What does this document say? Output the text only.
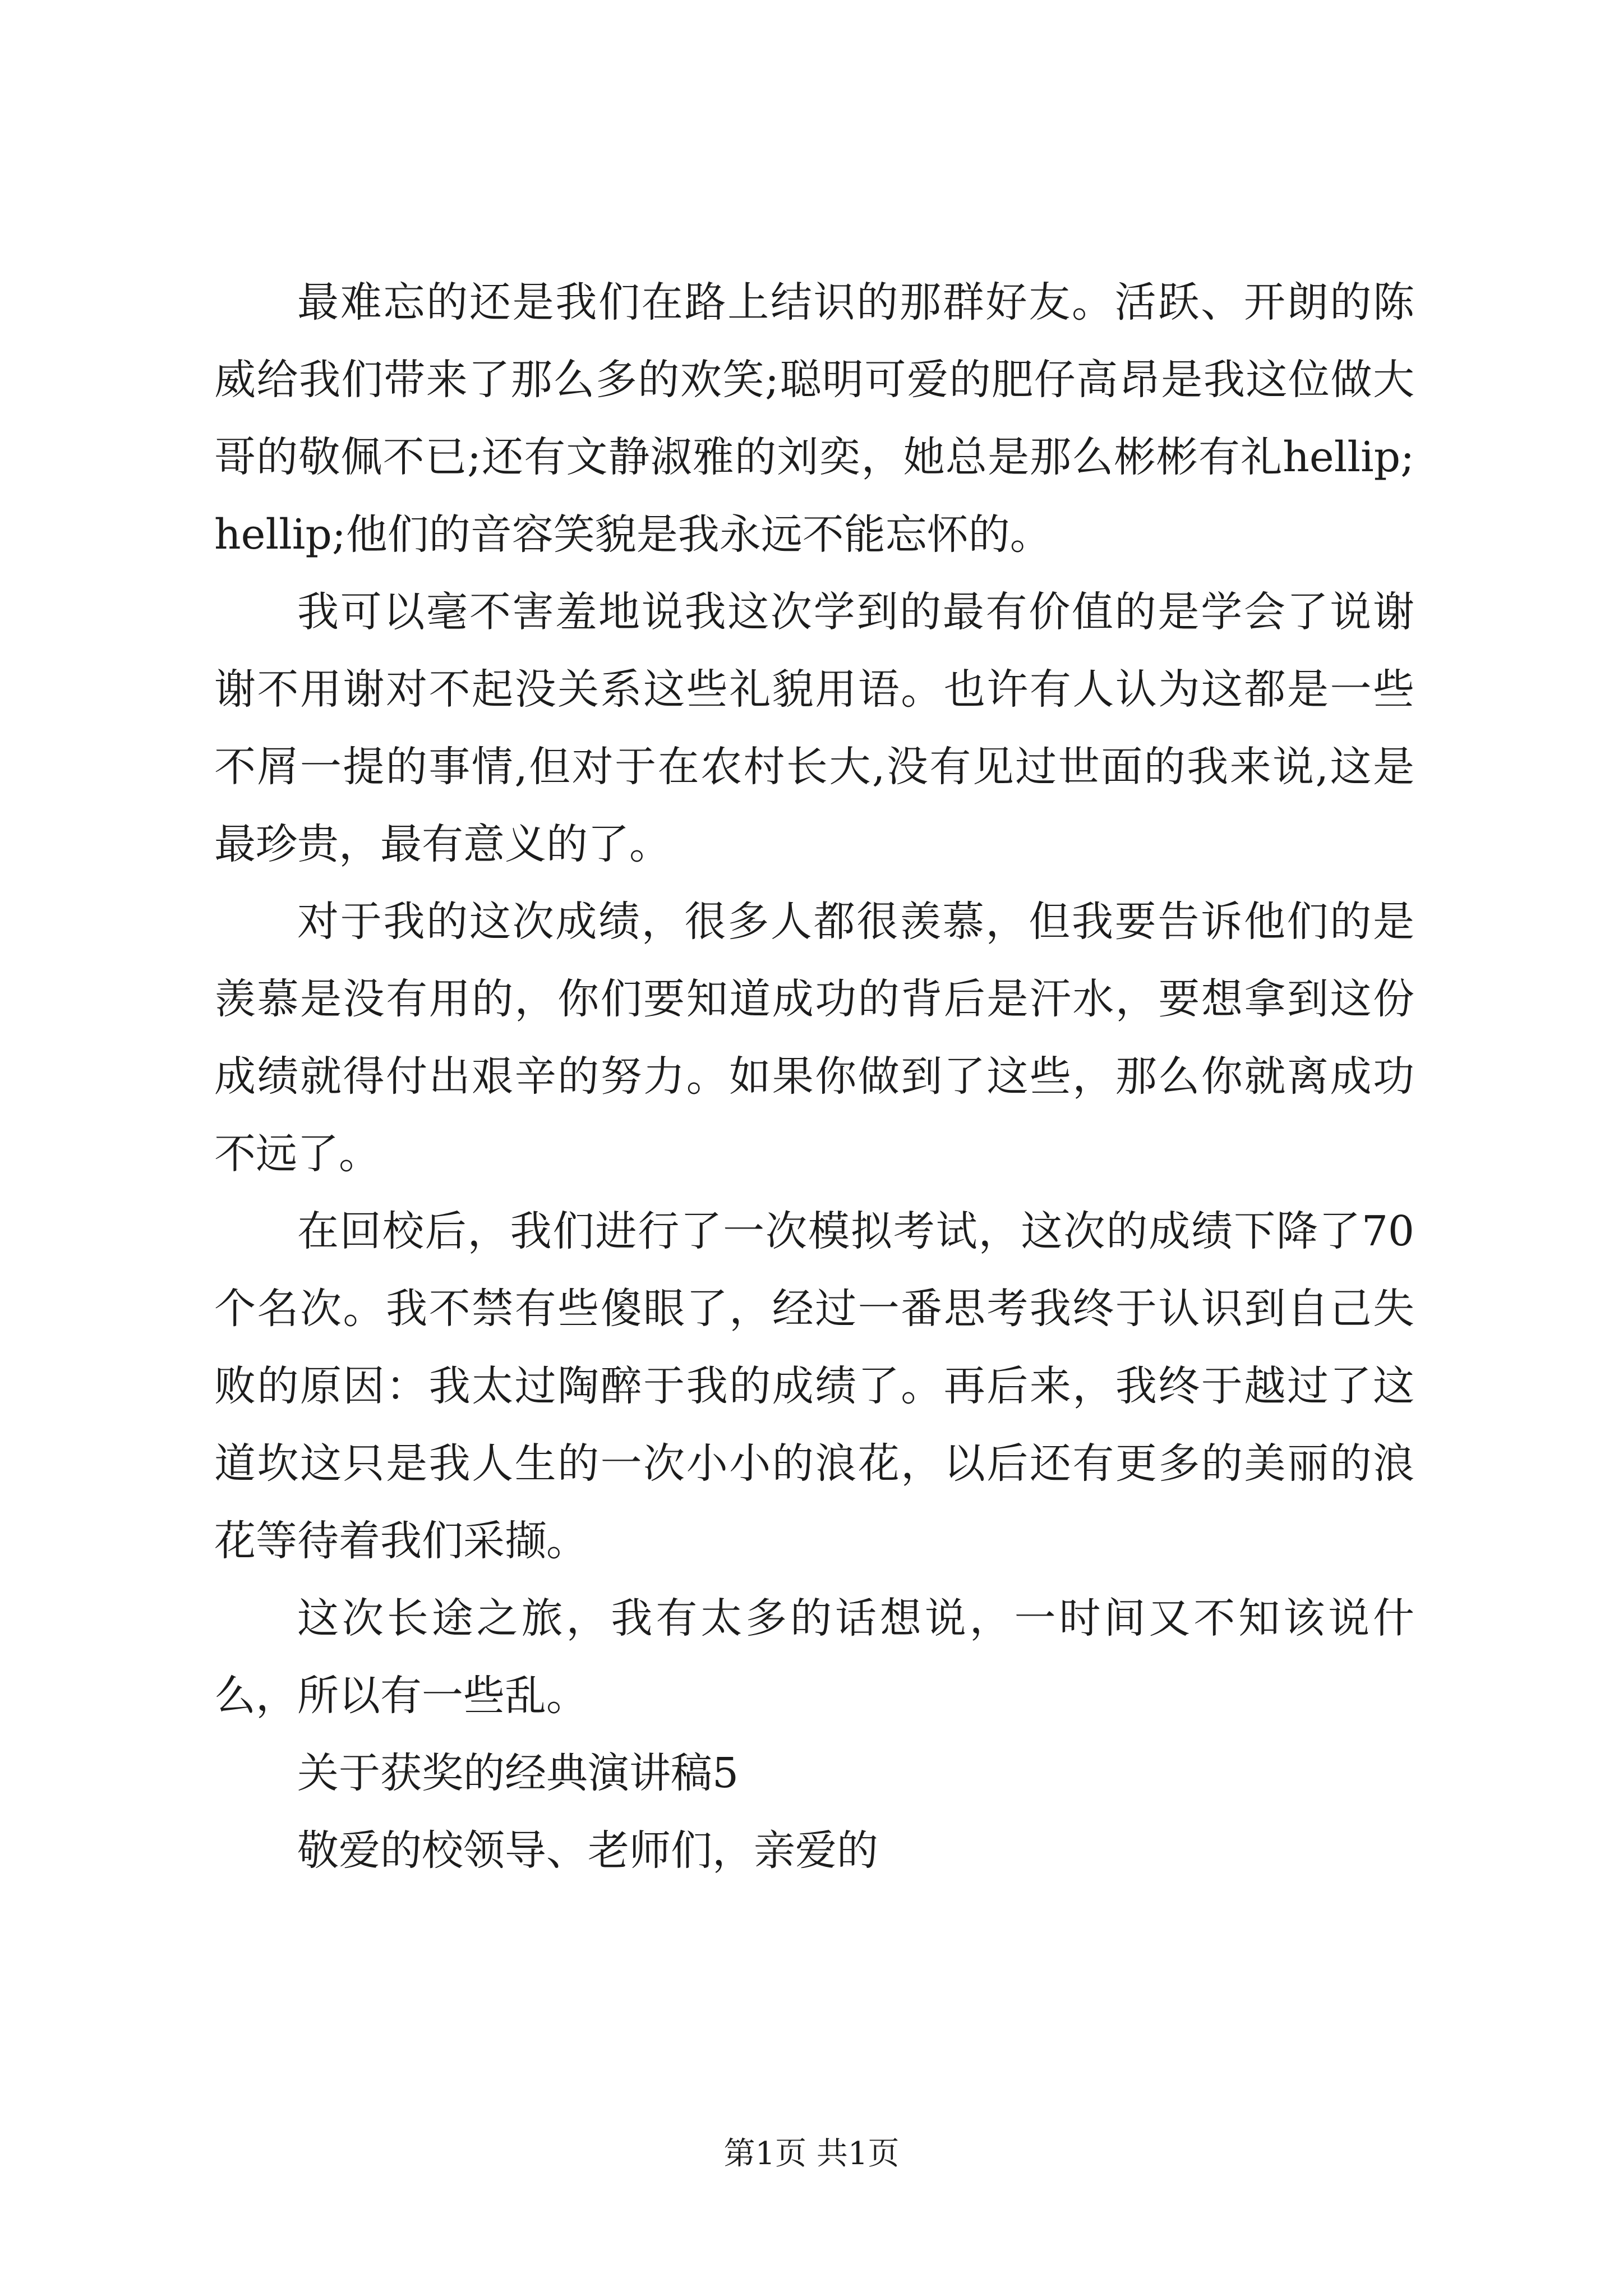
最难忘的还是我们在路上结识的那群好友。活跃、开朗的陈威给我们带来了那么多的欢笑;聪明可爱的肥仔高昂是我这位做大哥的敬佩不已;还有文静淑雅的刘奕，她总是那么彬彬有礼hellip;hellip;他们的音容笑貌是我永远不能忘怀的。

我可以毫不害羞地说我这次学到的最有价值的是学会了说谢谢不用谢对不起没关系这些礼貌用语。也许有人认为这都是一些不屑一提的事情,但对于在农村长大,没有见过世面的我来说,这是最珍贵，最有意义的了。

对于我的这次成绩，很多人都很羡慕，但我要告诉他们的是羡慕是没有用的，你们要知道成功的背后是汗水，要想拿到这份成绩就得付出艰辛的努力。如果你做到了这些，那么你就离成功不远了。

在回校后，我们进行了一次模拟考试，这次的成绩下降了70个名次。我不禁有些傻眼了，经过一番思考我终于认识到自己失败的原因：我太过陶醉于我的成绩了。再后来，我终于越过了这道坎这只是我人生的一次小小的浪花，以后还有更多的美丽的浪花等待着我们采撷。

这次长途之旅，我有太多的话想说，一时间又不知该说什么，所以有一些乱。

关于获奖的经典演讲稿5

敬爱的校领导、老师们，亲爱的

第1页 共1页
